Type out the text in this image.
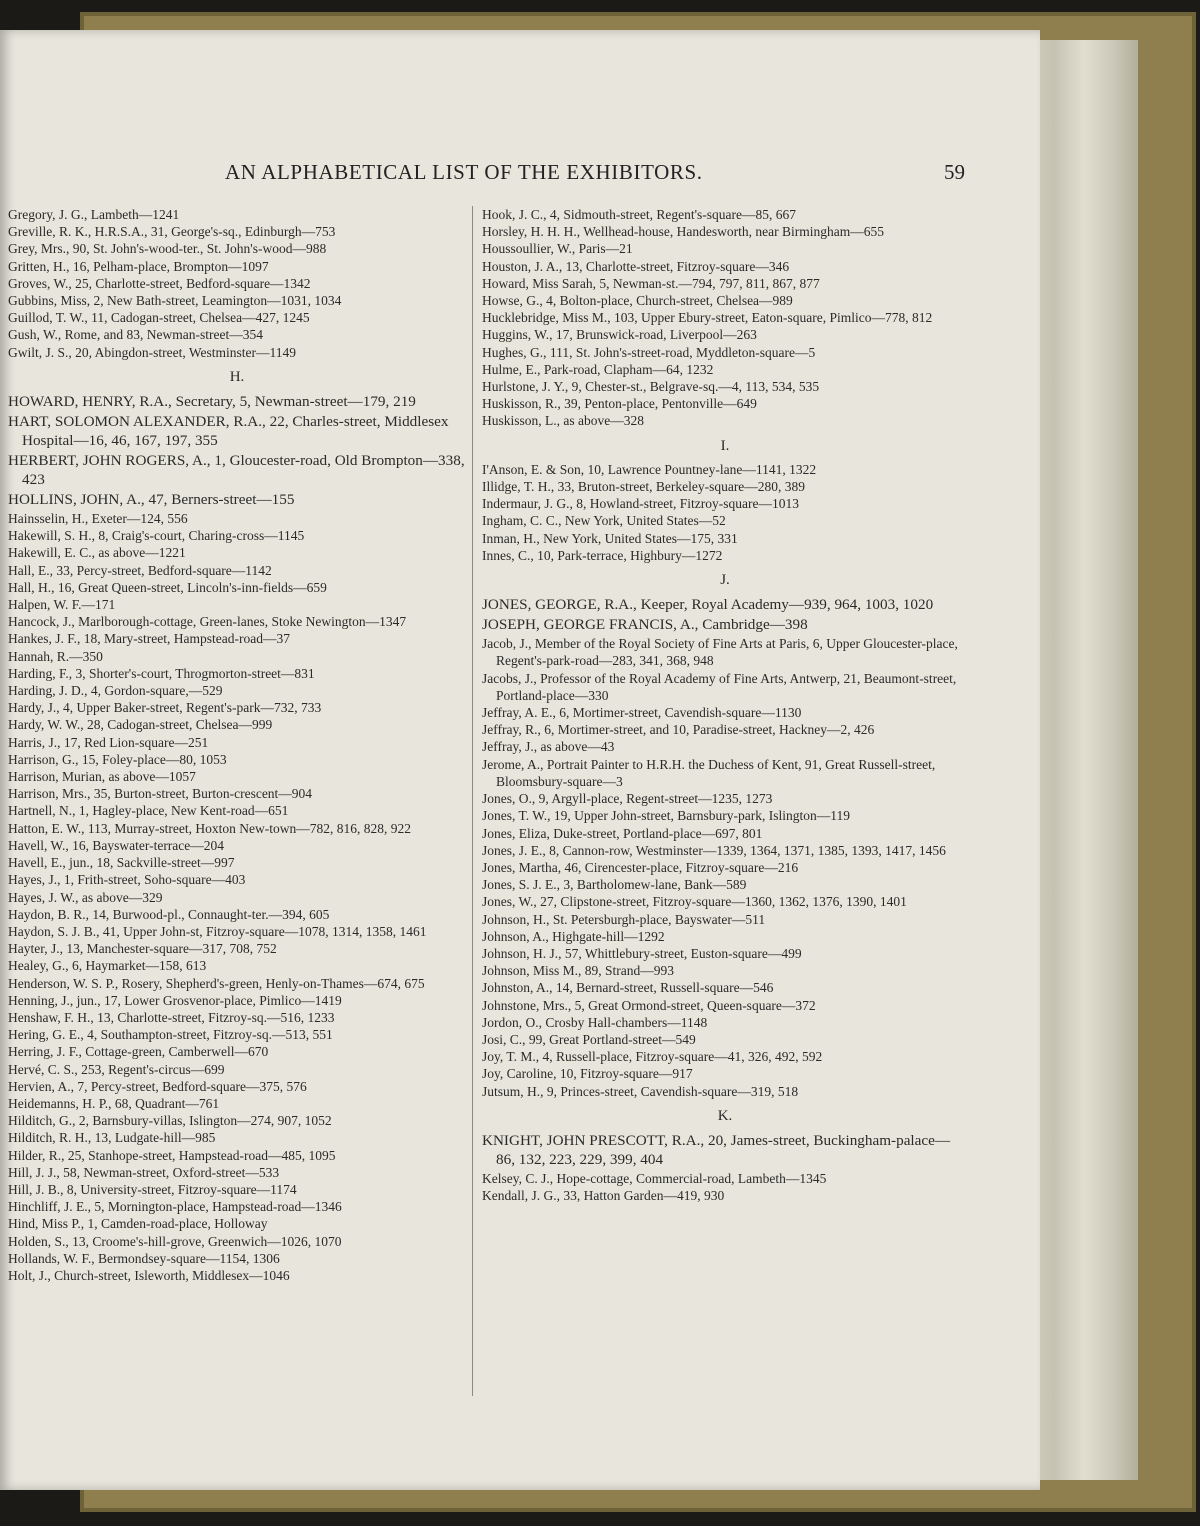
AN ALPHABETICAL LIST OF THE EXHIBITORS.	59

Gregory, J. G., Lambeth—1241

Greville, R. K., H.R.S.A., 31, George's-sq., Edinburgh—753

Grey, Mrs., 90, St. John's-wood-ter., St. John's-wood—988

Gritten, H., 16, Pelham-place, Brompton—1097

Groves, W., 25, Charlotte-street, Bedford-square—1342

Gubbins, Miss, 2, New Bath-street, Leamington—1031, 1034

Guillod, T. W., 11, Cadogan-street, Chelsea—427, 1245

Gush, W., Rome, and 83, Newman-street—354

Gwilt, J. S., 20, Abingdon-street, Westminster—1149

H.

HOWARD, HENRY, R.A., Secretary, 5, Newman-street—179, 219

HART, SOLOMON ALEXANDER, R.A., 22, Charles-street, Middlesex Hospital—16, 46, 167, 197, 355

HERBERT, JOHN ROGERS, A., 1, Gloucester-road, Old Brompton—338, 423

HOLLINS, JOHN, A., 47, Berners-street—155

Hainsselin, H., Exeter—124, 556

Hakewill, S. H., 8, Craig's-court, Charing-cross—1145

Hakewill, E. C., as above—1221

Hall, E., 33, Percy-street, Bedford-square—1142

Hall, H., 16, Great Queen-street, Lincoln's-inn-fields—659

Halpen, W. F.—171

Hancock, J., Marlborough-cottage, Green-lanes, Stoke Newington—1347

Hankes, J. F., 18, Mary-street, Hampstead-road—37

Hannah, R.—350

Harding, F., 3, Shorter's-court, Throgmorton-street—831

Harding, J. D., 4, Gordon-square,—529

Hardy, J., 4, Upper Baker-street, Regent's-park—732, 733

Hardy, W. W., 28, Cadogan-street, Chelsea—999

Harris, J., 17, Red Lion-square—251

Harrison, G., 15, Foley-place—80, 1053

Harrison, Murian, as above—1057

Harrison, Mrs., 35, Burton-street, Burton-crescent—904

Hartnell, N., 1, Hagley-place, New Kent-road—651

Hatton, E. W., 113, Murray-street, Hoxton New-town—782, 816, 828, 922

Havell, W., 16, Bayswater-terrace—204

Havell, E., jun., 18, Sackville-street—997

Hayes, J., 1, Frith-street, Soho-square—403

Hayes, J. W., as above—329

Haydon, B. R., 14, Burwood-pl., Connaught-ter.—394, 605

Haydon, S. J. B., 41, Upper John-st, Fitzroy-square—1078, 1314, 1358, 1461

Hayter, J., 13, Manchester-square—317, 708, 752

Healey, G., 6, Haymarket—158, 613

Henderson, W. S. P., Rosery, Shepherd's-green, Henly-on-Thames—674, 675

Henning, J., jun., 17, Lower Grosvenor-place, Pimlico—1419

Henshaw, F. H., 13, Charlotte-street, Fitzroy-sq.—516, 1233

Hering, G. E., 4, Southampton-street, Fitzroy-sq.—513, 551

Herring, J. F., Cottage-green, Camberwell—670

Hervé, C. S., 253, Regent's-circus—699

Hervien, A., 7, Percy-street, Bedford-square—375, 576

Heidemanns, H. P., 68, Quadrant—761

Hilditch, G., 2, Barnsbury-villas, Islington—274, 907, 1052

Hilditch, R. H., 13, Ludgate-hill—985

Hilder, R., 25, Stanhope-street, Hampstead-road—485, 1095

Hill, J. J., 58, Newman-street, Oxford-street—533

Hill, J. B., 8, University-street, Fitzroy-square—1174

Hinchliff, J. E., 5, Mornington-place, Hampstead-road—1346

Hind, Miss P., 1, Camden-road-place, Holloway

Holden, S., 13, Croome's-hill-grove, Greenwich—1026, 1070

Hollands, W. F., Bermondsey-square—1154, 1306

Holt, J., Church-street, Isleworth, Middlesex—1046

Hook, J. C., 4, Sidmouth-street, Regent's-square—85, 667

Horsley, H. H. H., Wellhead-house, Handesworth, near Birmingham—655

Houssoullier, W., Paris—21

Houston, J. A., 13, Charlotte-street, Fitzroy-square—346

Howard, Miss Sarah, 5, Newman-st.—794, 797, 811, 867, 877

Howse, G., 4, Bolton-place, Church-street, Chelsea—989

Hucklebridge, Miss M., 103, Upper Ebury-street, Eaton-square, Pimlico—778, 812

Huggins, W., 17, Brunswick-road, Liverpool—263

Hughes, G., 111, St. John's-street-road, Myddleton-square—5

Hulme, E., Park-road, Clapham—64, 1232

Hurlstone, J. Y., 9, Chester-st., Belgrave-sq.—4, 113, 534, 535

Huskisson, R., 39, Penton-place, Pentonville—649

Huskisson, L., as above—328

I.

I'Anson, E. & Son, 10, Lawrence Pountney-lane—1141, 1322

Illidge, T. H., 33, Bruton-street, Berkeley-square—280, 389

Indermaur, J. G., 8, Howland-street, Fitzroy-square—1013

Ingham, C. C., New York, United States—52

Inman, H., New York, United States—175, 331

Innes, C., 10, Park-terrace, Highbury—1272

J.

JONES, GEORGE, R.A., Keeper, Royal Academy—939, 964, 1003, 1020

JOSEPH, GEORGE FRANCIS, A., Cambridge—398

Jacob, J., Member of the Royal Society of Fine Arts at Paris, 6, Upper Gloucester-place, Regent's-park-road—283, 341, 368, 948

Jacobs, J., Professor of the Royal Academy of Fine Arts, Antwerp, 21, Beaumont-street, Portland-place—330

Jeffray, A. E., 6, Mortimer-street, Cavendish-square—1130

Jeffray, R., 6, Mortimer-street, and 10, Paradise-street, Hackney—2, 426

Jeffray, J., as above—43

Jerome, A., Portrait Painter to H.R.H. the Duchess of Kent, 91, Great Russell-street, Bloomsbury-square—3

Jones, O., 9, Argyll-place, Regent-street—1235, 1273

Jones, T. W., 19, Upper John-street, Barnsbury-park, Islington—119

Jones, Eliza, Duke-street, Portland-place—697, 801

Jones, J. E., 8, Cannon-row, Westminster—1339, 1364, 1371, 1385, 1393, 1417, 1456

Jones, Martha, 46, Cirencester-place, Fitzroy-square—216

Jones, S. J. E., 3, Bartholomew-lane, Bank—589

Jones, W., 27, Clipstone-street, Fitzroy-square—1360, 1362, 1376, 1390, 1401

Johnson, H., St. Petersburgh-place, Bayswater—511

Johnson, A., Highgate-hill—1292

Johnson, H. J., 57, Whittlebury-street, Euston-square—499

Johnson, Miss M., 89, Strand—993

Johnston, A., 14, Bernard-street, Russell-square—546

Johnstone, Mrs., 5, Great Ormond-street, Queen-square—372

Jordon, O., Crosby Hall-chambers—1148

Josi, C., 99, Great Portland-street—549

Joy, T. M., 4, Russell-place, Fitzroy-square—41, 326, 492, 592

Joy, Caroline, 10, Fitzroy-square—917

Jutsum, H., 9, Princes-street, Cavendish-square—319, 518

K.

KNIGHT, JOHN PRESCOTT, R.A., 20, James-street, Buckingham-palace—86, 132, 223, 229, 399, 404

Kelsey, C. J., Hope-cottage, Commercial-road, Lambeth—1345

Kendall, J. G., 33, Hatton Garden—419, 930
